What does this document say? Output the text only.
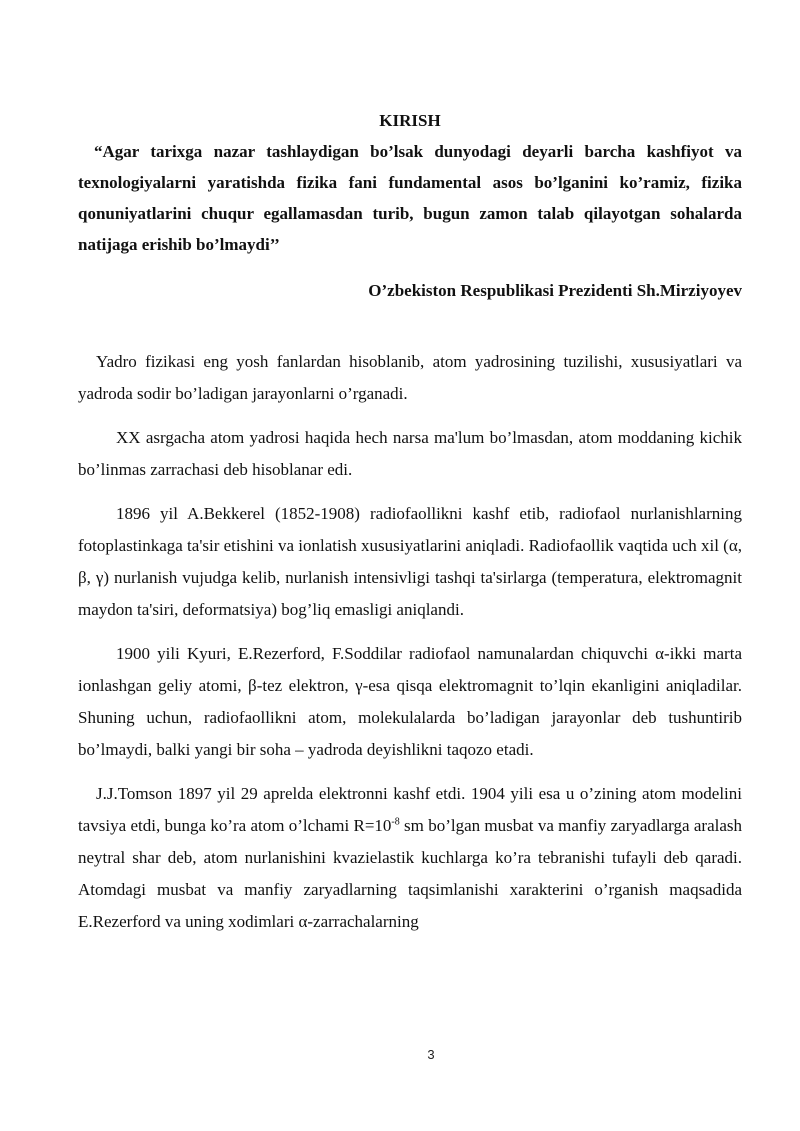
KIRISH

“Agar tarixga nazar tashlaydigan bo’lsak dunyodagi deyarli barcha kashfiyot va texnologiyalarni yaratishda fizika fani fundamental asos bo’lganini ko’ramiz, fizika qonuniyatlarini chuqur egallamasdan turib, bugun zamon talab qilayotgan sohalarda natijaga erishib bo’lmaydi’’

O’zbekiston Respublikasi Prezidenti Sh.Mirziyoyev

Yadro fizikasi eng yosh fanlardan hisoblanib, atom yadrosining tuzilishi, xususiyatlari va yadroda sodir bo’ladigan jarayonlarni o’rganadi.

XX asrgacha atom yadrosi haqida hech narsa ma'lum bo’lmasdan, atom moddaning kichik bo’linmas zarrachasi deb hisoblanar edi.

1896 yil A.Bekkerel (1852-1908) radiofaollikni kashf etib, radiofaol nurlanishlarning fotoplastinkaga ta'sir etishini va ionlatish xususiyatlarini aniqladi. Radiofaollik vaqtida uch xil (α, β, γ) nurlanish vujudga kelib, nurlanish intensivligi tashqi ta'sirlarga (temperatura, elektromagnit maydon ta'siri, deformatsiya) bog’liq emasligi aniqlandi.

1900 yili Kyuri, E.Rezerford, F.Soddilar radiofaol namunalardan chiquvchi α-ikki marta ionlashgan geliy atomi, β-tez elektron, γ-esa qisqa elektromagnit to’lqin ekanligini aniqladilar. Shuning uchun, radiofaollikni atom, molekulalarda bo’ladigan jarayonlar deb tushuntirib bo’lmaydi, balki yangi bir soha – yadroda deyishlikni taqozo etadi.

J.J.Tomson 1897 yil 29 aprelda elektronni kashf etdi. 1904 yili esa u o’zining atom modelini tavsiya etdi, bunga ko’ra atom o’lchami $R=10^{-8}$ sm bo’lgan musbat va manfiy zaryadlarga aralash neytral shar deb, atom nurlanishini kvazielastik kuchlarga ko’ra tebranishi tufayli deb qaradi. Atomdagi musbat va manfiy zaryadlarning taqsimlanishi xarakterini o’rganish maqsadida E.Rezerford va uning xodimlari α-zarrachalarning

3
